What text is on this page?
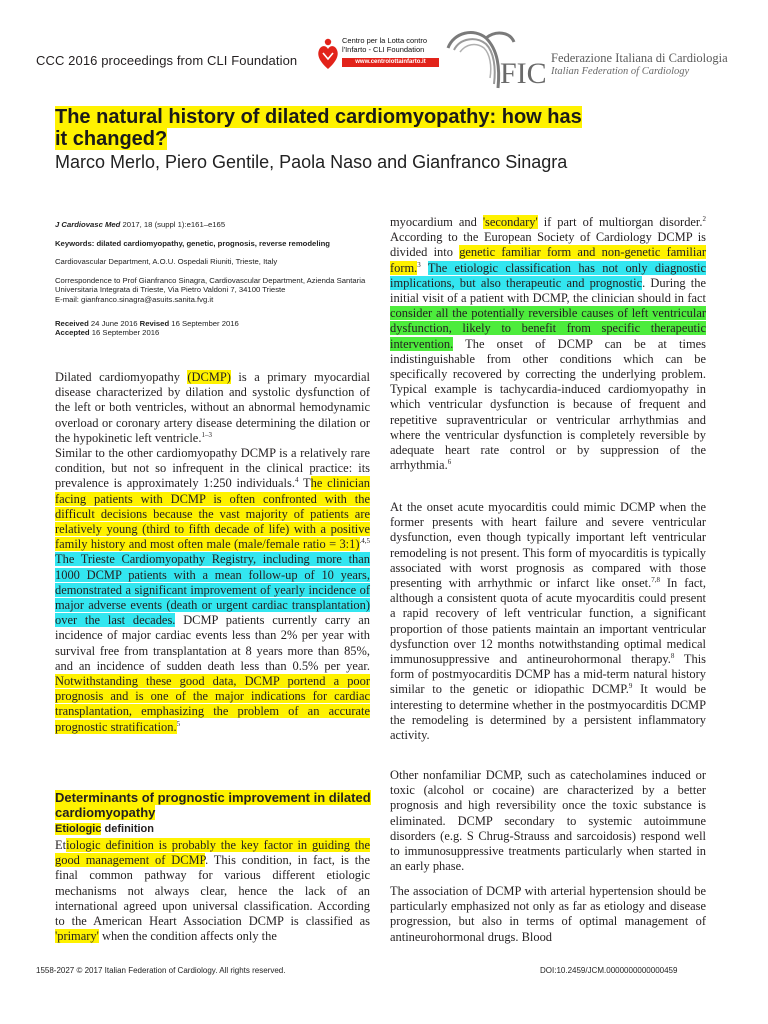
CCC 2016 proceedings from CLI Foundation
Centro per la Lotta contro
l'Infarto - CLI Foundation
www.centrolottainfarto.it	FIC Federazione Italiana di Cardiologia
Italian Federation of Cardiology
The natural history of dilated cardiomyopathy: how has
it changed?
Marco Merlo, Piero Gentile, Paola Naso and Gianfranco Sinagra

J Cardiovasc Med 2017, 18 (suppl 1):e161–e165

Keywords: dilated cardiomyopathy, genetic, prognosis, reverse remodeling

Cardiovascular Department, A.O.U. Ospedali Riuniti, Trieste, Italy

Correspondence to Prof Gianfranco Sinagra, Cardiovascular Department, Azienda Santaria Universitaria Integrata di Trieste, Via Pietro Valdoni 7, 34100 Trieste

E-mail: gianfranco.sinagra@asuits.sanita.fvg.it

Received 24 June 2016 Revised 16 September 2016
Accepted 16 September 2016

Dilated cardiomyopathy (DCMP) is a primary myocardial disease characterized by dilation and systolic dysfunction of the left or both ventricles, without an abnormal hemodynamic overload or coronary artery disease determining the dilation or the hypokinetic left ventricle.$^{1-3}$

Similar to the other cardiomyopathy DCMP is a relatively rare condition, but not so infrequent in the clinical practice: its prevalence is approximately 1:250 individuals.$^4$ The clinician facing patients with DCMP is often confronted with the difficult decisions because the vast majority of patients are relatively young (third to fifth decade of life) with a positive family history and most often male (male/female ratio = 3:1)$^{.4,5}$ The Trieste Cardiomyopathy Registry, including more than 1000 DCMP patients with a mean follow-up of 10 years, demonstrated a significant improvement of yearly incidence of major adverse events (death or urgent cardiac transplantation) over the last decades. DCMP patients currently carry an incidence of major cardiac events less than 2% per year with survival free from transplantation at 8 years more than 85%, and an incidence of sudden death less than 0.5% per year. Notwithstanding these good data, DCMP portend a poor prognosis and is one of the major indications for cardiac transplantation, emphasizing the problem of an accurate prognostic stratification.$^5$

Determinants of prognostic improvement in dilated cardiomyopathy
Etiologic definition

Etiologic definition is probably the key factor in guiding the good management of DCMP. This condition, in fact, is the final common pathway for various different etiologic mechanisms not always clear, hence the lack of an international agreed upon universal classification. According to the American Heart Association DCMP is classified as 'primary' when the condition affects only the

myocardium and 'secondary' if part of multiorgan disorder.$^2$ According to the European Society of Cardiology DCMP is divided into genetic familiar form and non-genetic familiar form.$^3$ The etiologic classification has not only diagnostic implications, but also therapeutic and prognostic. During the initial visit of a patient with DCMP, the clinician should in fact consider all the potentially reversible causes of left ventricular dysfunction, likely to benefit from specific therapeutic intervention. The onset of DCMP can be at times indistinguishable from other conditions which can be specifically recovered by correcting the underlying problem. Typical example is tachycardia-induced cardiomyopathy in which ventricular dysfunction is because of frequent and repetitive supraventricular or ventricular arrhythmias and where the ventricular dysfunction is completely reversible by adequate heart rate control or by suppression of the arrhythmia.$^6$

At the onset acute myocarditis could mimic DCMP when the former presents with heart failure and severe ventricular dysfunction, even though typically important left ventricular remodeling is not present. This form of myocarditis is typically associated with worst prognosis as compared with those presenting with arrhythmic or infarct like onset.$^{7,8}$ In fact, although a consistent quota of acute myocarditis could present a rapid recovery of left ventricular function, a significant proportion of those patients maintain an important ventricular dysfunction over 12 months notwithstanding optimal medical immunosuppressive and antineurohormonal therapy.$^8$ This form of postmyocarditis DCMP has a mid-term natural history similar to the genetic or idiopathic DCMP.$^9$ It would be interesting to determine whether in the postmyocarditis DCMP the remodeling is determined by a persistent inflammatory activity.

Other nonfamiliar DCMP, such as catecholamines induced or toxic (alcohol or cocaine) are characterized by a better prognosis and high reversibility once the toxic substance is eliminated. DCMP secondary to systemic autoimmune disorders (e.g. S Chrug-Strauss and sarcoidosis) respond well to immunosuppressive treatments particularly when started in an early phase.

The association of DCMP with arterial hypertension should be particularly emphasized not only as far as etiology and disease progression, but also in terms of optimal management of antineurohormonal drugs. Blood

1558-2027 © 2017 Italian Federation of Cardiology. All rights reserved.	DOI:10.2459/JCM.0000000000000459
